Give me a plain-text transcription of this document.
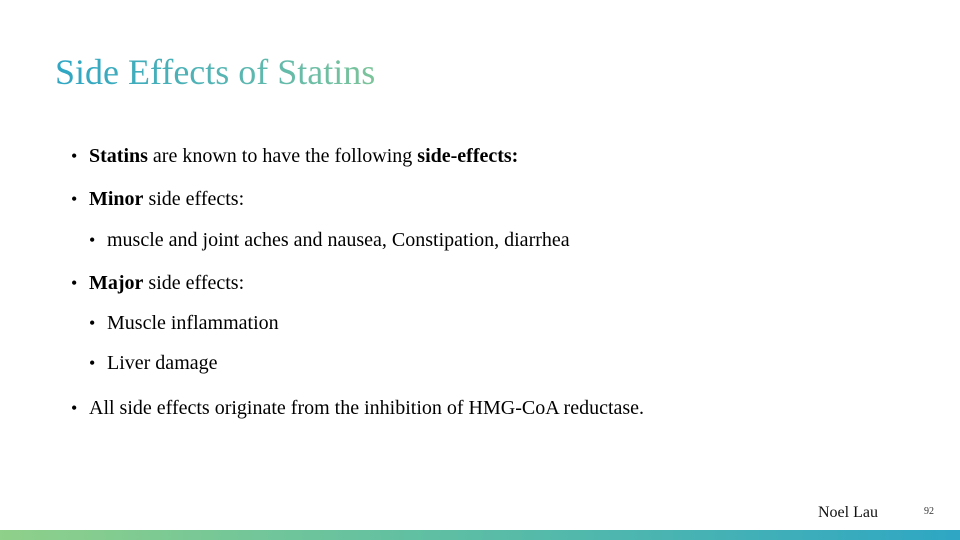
Side Effects of Statins
• Statins are known to have the following side-effects:
• Minor side effects:
• muscle and joint aches and nausea, Constipation, diarrhea
• Major side effects:
• Muscle inflammation
• Liver damage
• All side effects originate from the inhibition of HMG-CoA reductase.
Noel Lau	92
